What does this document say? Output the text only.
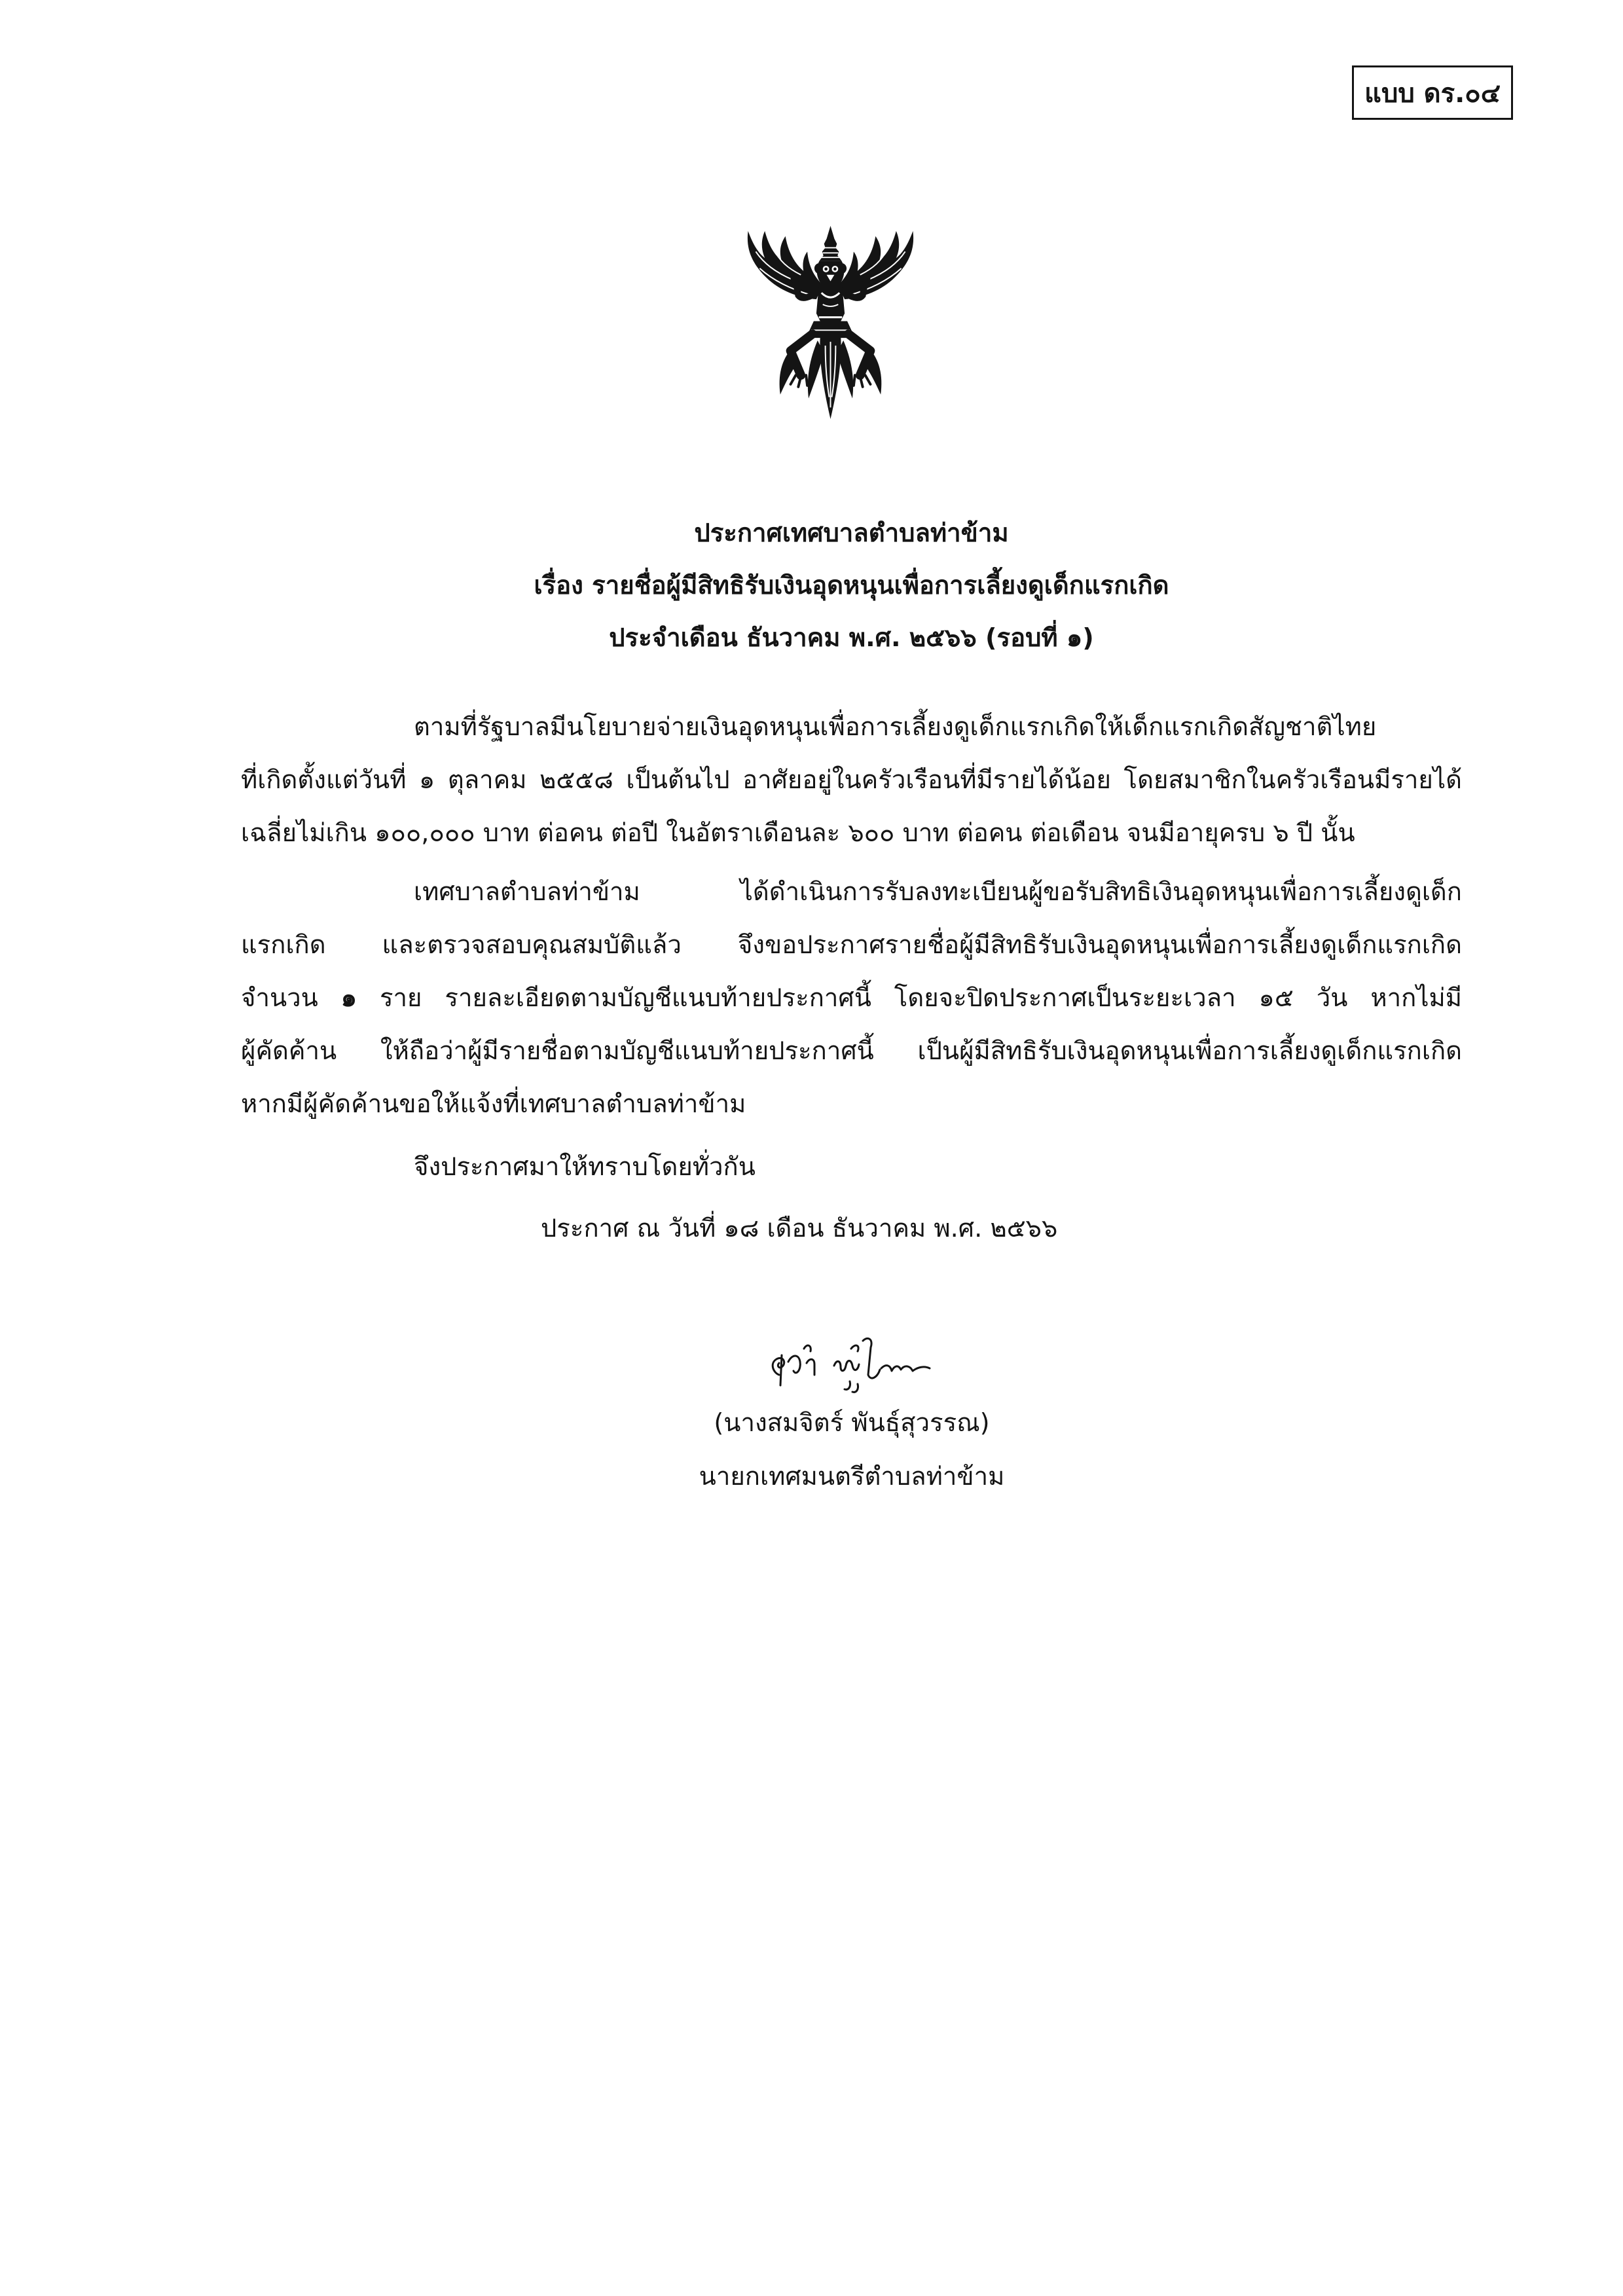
แบบ ดร.๐๔
ประกาศเทศบาลตำบลท่าข้าม
เรื่อง รายชื่อผู้มีสิทธิรับเงินอุดหนุนเพื่อการเลี้ยงดูเด็กแรกเกิด
ประจำเดือน ธันวาคม พ.ศ. ๒๕๖๖ (รอบที่ ๑)
ตามที่รัฐบาลมีนโยบายจ่ายเงินอุดหนุนเพื่อการเลี้ยงดูเด็กแรกเกิดให้เด็กแรกเกิดสัญชาติไทย
ที่เกิดตั้งแต่วันที่ ๑ ตุลาคม ๒๕๕๘ เป็นต้นไป อาศัยอยู่ในครัวเรือนที่มีรายได้น้อย โดยสมาชิกในครัวเรือนมีรายได้
เฉลี่ยไม่เกิน ๑๐๐,๐๐๐ บาท ต่อคน ต่อปี ในอัตราเดือนละ ๖๐๐ บาท ต่อคน ต่อเดือน จนมีอายุครบ ๖ ปี นั้น
เทศบาลตำบลท่าข้าม ได้ดำเนินการรับลงทะเบียนผู้ขอรับสิทธิเงินอุดหนุนเพื่อการเลี้ยงดูเด็ก
แรกเกิด และตรวจสอบคุณสมบัติแล้ว จึงขอประกาศรายชื่อผู้มีสิทธิรับเงินอุดหนุนเพื่อการเลี้ยงดูเด็กแรกเกิด
จำนวน ๑ ราย รายละเอียดตามบัญชีแนบท้ายประกาศนี้ โดยจะปิดประกาศเป็นระยะเวลา ๑๕ วัน หากไม่มี
ผู้คัดค้าน ให้ถือว่าผู้มีรายชื่อตามบัญชีแนบท้ายประกาศนี้ เป็นผู้มีสิทธิรับเงินอุดหนุนเพื่อการเลี้ยงดูเด็กแรกเกิด
หากมีผู้คัดค้านขอให้แจ้งที่เทศบาลตำบลท่าข้าม
จึงประกาศมาให้ทราบโดยทั่วกัน
ประกาศ ณ วันที่ ๑๘ เดือน ธันวาคม พ.ศ. ๒๕๖๖
(นางสมจิตร์ พันธุ์สุวรรณ)
นายกเทศมนตรีตำบลท่าข้าม
